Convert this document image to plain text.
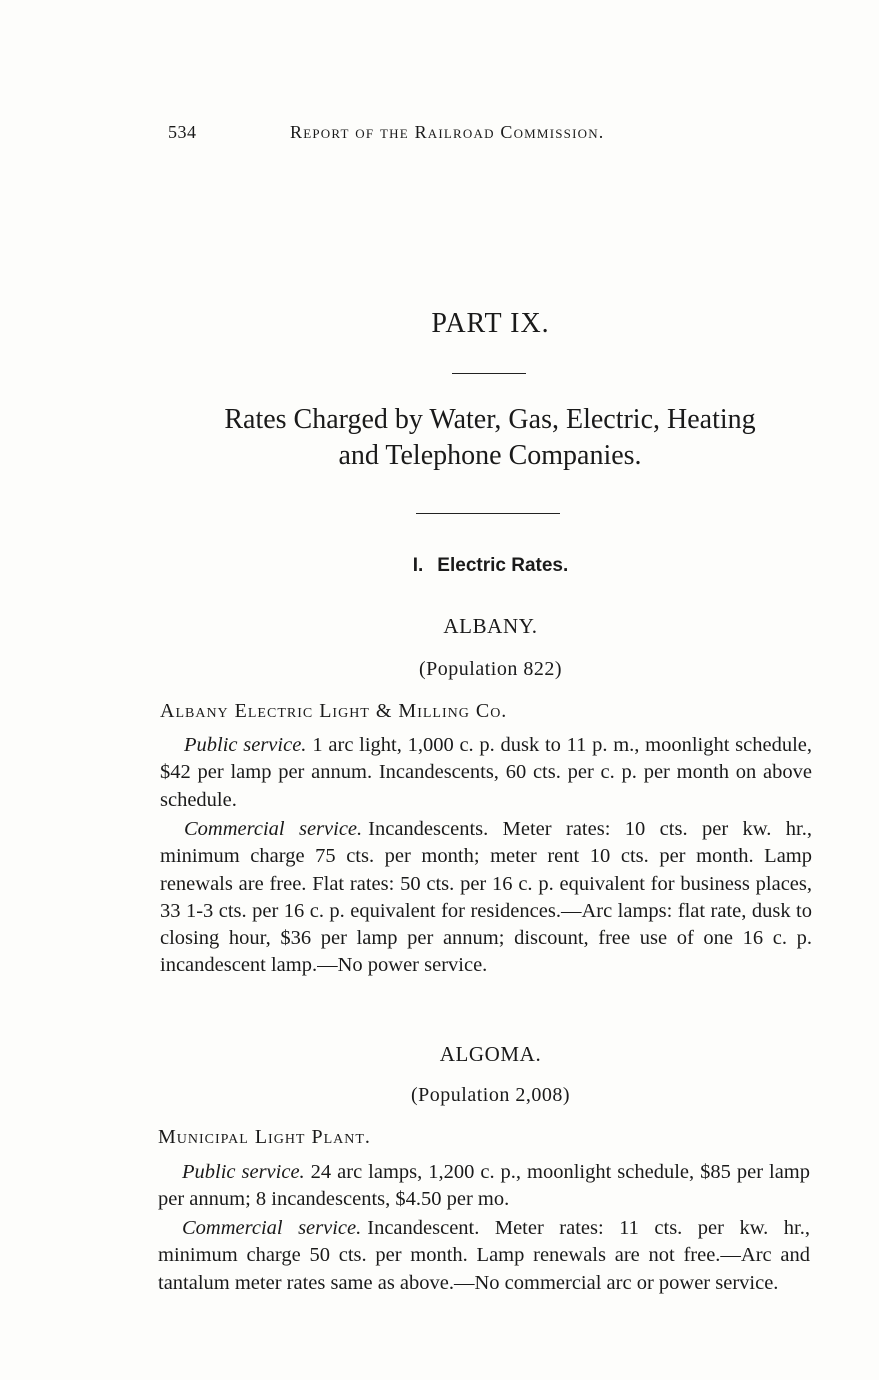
534	Report of the Railroad Commission.
PART IX.
Rates Charged by Water, Gas, Electric, Heating
and Telephone Companies.
I. Electric Rates.
ALBANY.
(Population 822)
Albany Electric Light & Milling Co.

Public service. 1 arc light, 1,000 c. p. dusk to 11 p. m., moonlight schedule, $42 per lamp per annum. Incandescents, 60 cts. per c. p. per month on above schedule.

Commercial service. Incandescents. Meter rates: 10 cts. per kw. hr., minimum charge 75 cts. per month; meter rent 10 cts. per month. Lamp renewals are free. Flat rates: 50 cts. per 16 c. p. equivalent for business places, 33 1-3 cts. per 16 c. p. equivalent for residences.—Arc lamps: flat rate, dusk to closing hour, $36 per lamp per annum; discount, free use of one 16 c. p. incandescent lamp.—No power service.

ALGOMA.
(Population 2,008)
Municipal Light Plant.

Public service. 24 arc lamps, 1,200 c. p., moonlight schedule, $85 per lamp per annum; 8 incandescents, $4.50 per mo.

Commercial service. Incandescent. Meter rates: 11 cts. per kw. hr., minimum charge 50 cts. per month. Lamp renewals are not free.—Arc and tantalum meter rates same as above.—No commercial arc or power service.
